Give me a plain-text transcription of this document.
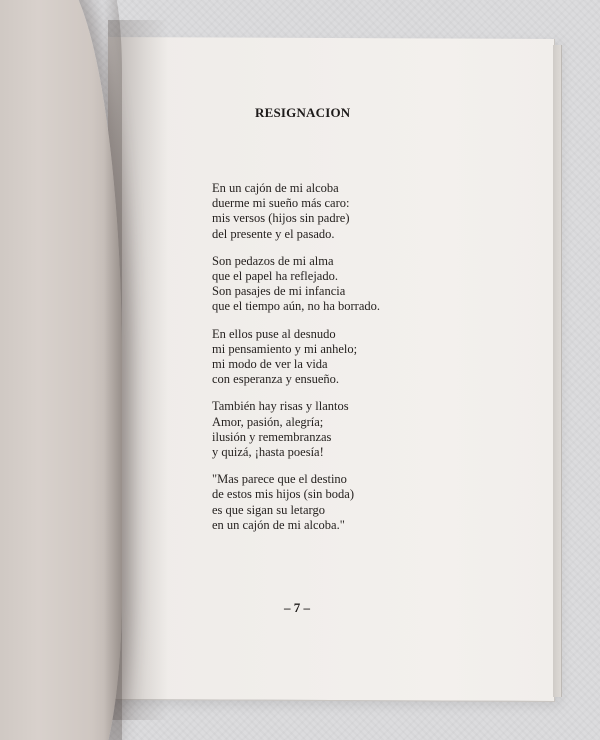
RESIGNACION
En un cajón de mi alcoba
duerme mi sueño más caro:
mis versos (hijos sin padre)
del presente y el pasado.
Son pedazos de mi alma
que el papel ha reflejado.
Son pasajes de mi infancia
que el tiempo aún, no ha borrado.
En ellos puse al desnudo
mi pensamiento y mi anhelo;
mi modo de ver la vida
con esperanza y ensueño.
También hay risas y llantos
Amor, pasión, alegría;
ilusión y remembranzas
y quizá, ¡hasta poesía!
"Mas parece que el destino
de estos mis hijos (sin boda)
es que sigan su letargo
en un cajón de mi alcoba."
– 7 –
